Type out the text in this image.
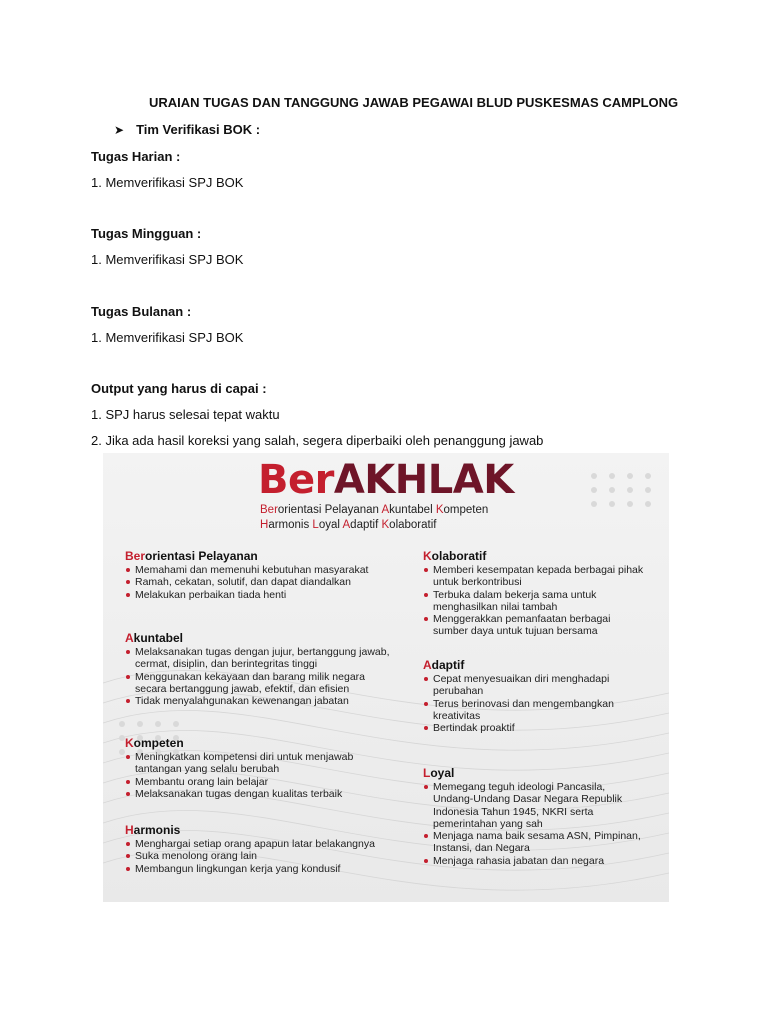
URAIAN TUGAS DAN TANGGUNG JAWAB PEGAWAI BLUD PUSKESMAS CAMPLONG
➤ Tim Verifikasi BOK :
Tugas Harian :
1. Memverifikasi SPJ BOK
Tugas Mingguan :
1. Memverifikasi SPJ BOK
Tugas Bulanan :
1. Memverifikasi SPJ BOK
Output yang harus di capai :
1. SPJ harus selesai tepat waktu
2. Jika ada hasil koreksi yang salah, segera diperbaiki oleh penanggung jawab
BerAKHLAK
Berorientasi Pelayanan Akuntabel Kompeten
Harmonis Loyal Adaptif Kolaboratif
Berorientasi Pelayanan
Memahami dan memenuhi kebutuhan masyarakat
Ramah, cekatan, solutif, dan dapat diandalkan
Melakukan perbaikan tiada henti
Akuntabel
Melaksanakan tugas dengan jujur, bertanggung jawab, cermat, disiplin, dan berintegritas tinggi
Menggunakan kekayaan dan barang milik negara secara bertanggung jawab, efektif, dan efisien
Tidak menyalahgunakan kewenangan jabatan
Kompeten
Meningkatkan kompetensi diri untuk menjawab tantangan yang selalu berubah
Membantu orang lain belajar
Melaksanakan tugas dengan kualitas terbaik
Harmonis
Menghargai setiap orang apapun latar belakangnya
Suka menolong orang lain
Membangun lingkungan kerja yang kondusif
Kolaboratif
Memberi kesempatan kepada berbagai pihak untuk berkontribusi
Terbuka dalam bekerja sama untuk menghasilkan nilai tambah
Menggerakkan pemanfaatan berbagai sumber daya untuk tujuan bersama
Adaptif
Cepat menyesuaikan diri menghadapi perubahan
Terus berinovasi dan mengembangkan kreativitas
Bertindak proaktif
Loyal
Memegang teguh ideologi Pancasila, Undang-Undang Dasar Negara Republik Indonesia Tahun 1945, NKRI serta pemerintahan yang sah
Menjaga nama baik sesama ASN, Pimpinan, Instansi, dan Negara
Menjaga rahasia jabatan dan negara
